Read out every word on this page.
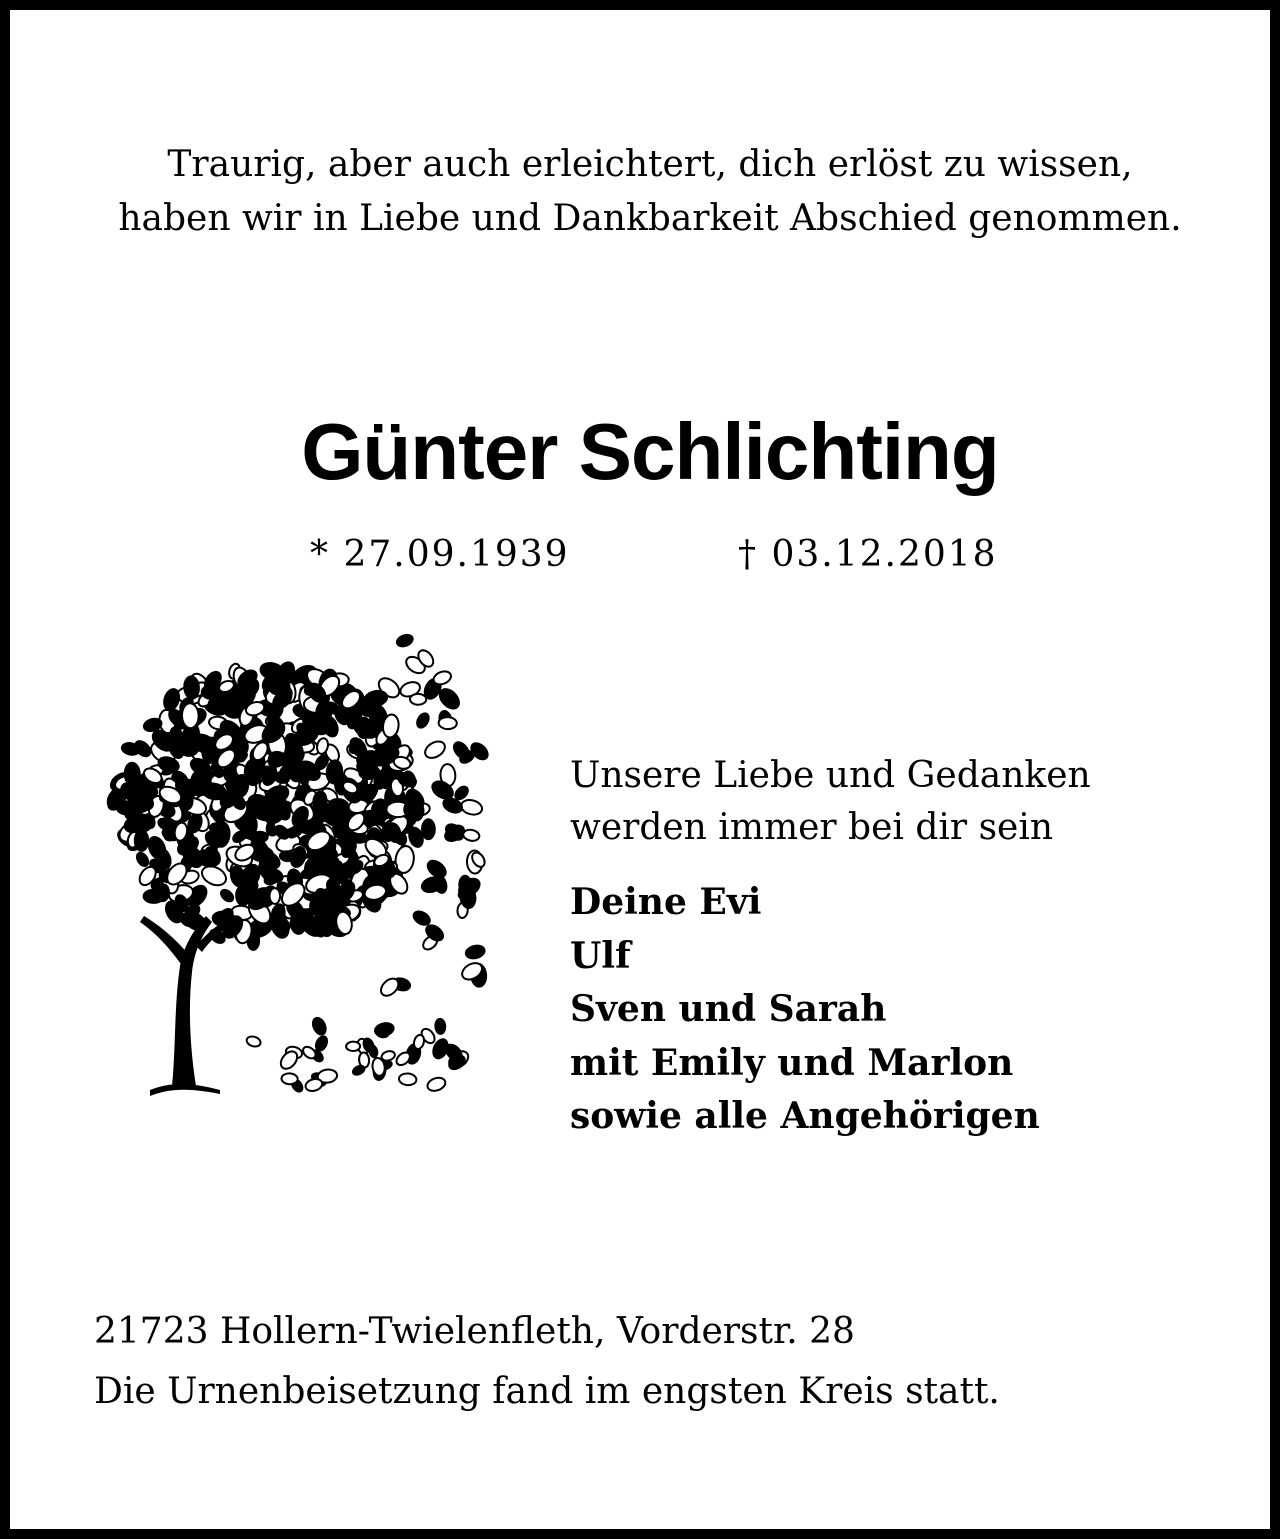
Traurig, aber auch erleichtert, dich erlöst zu wissen,
haben wir in Liebe und Dankbarkeit Abschied genommen.
Günter Schlichting
* 27.09.1939	† 03.12.2018
Unsere Liebe und Gedanken
werden immer bei dir sein
Deine Evi
Ulf
Sven und Sarah
mit Emily und Marlon
sowie alle Angehörigen
21723 Hollern-Twielenfleth, Vorderstr. 28
Die Urnenbeisetzung fand im engsten Kreis statt.
